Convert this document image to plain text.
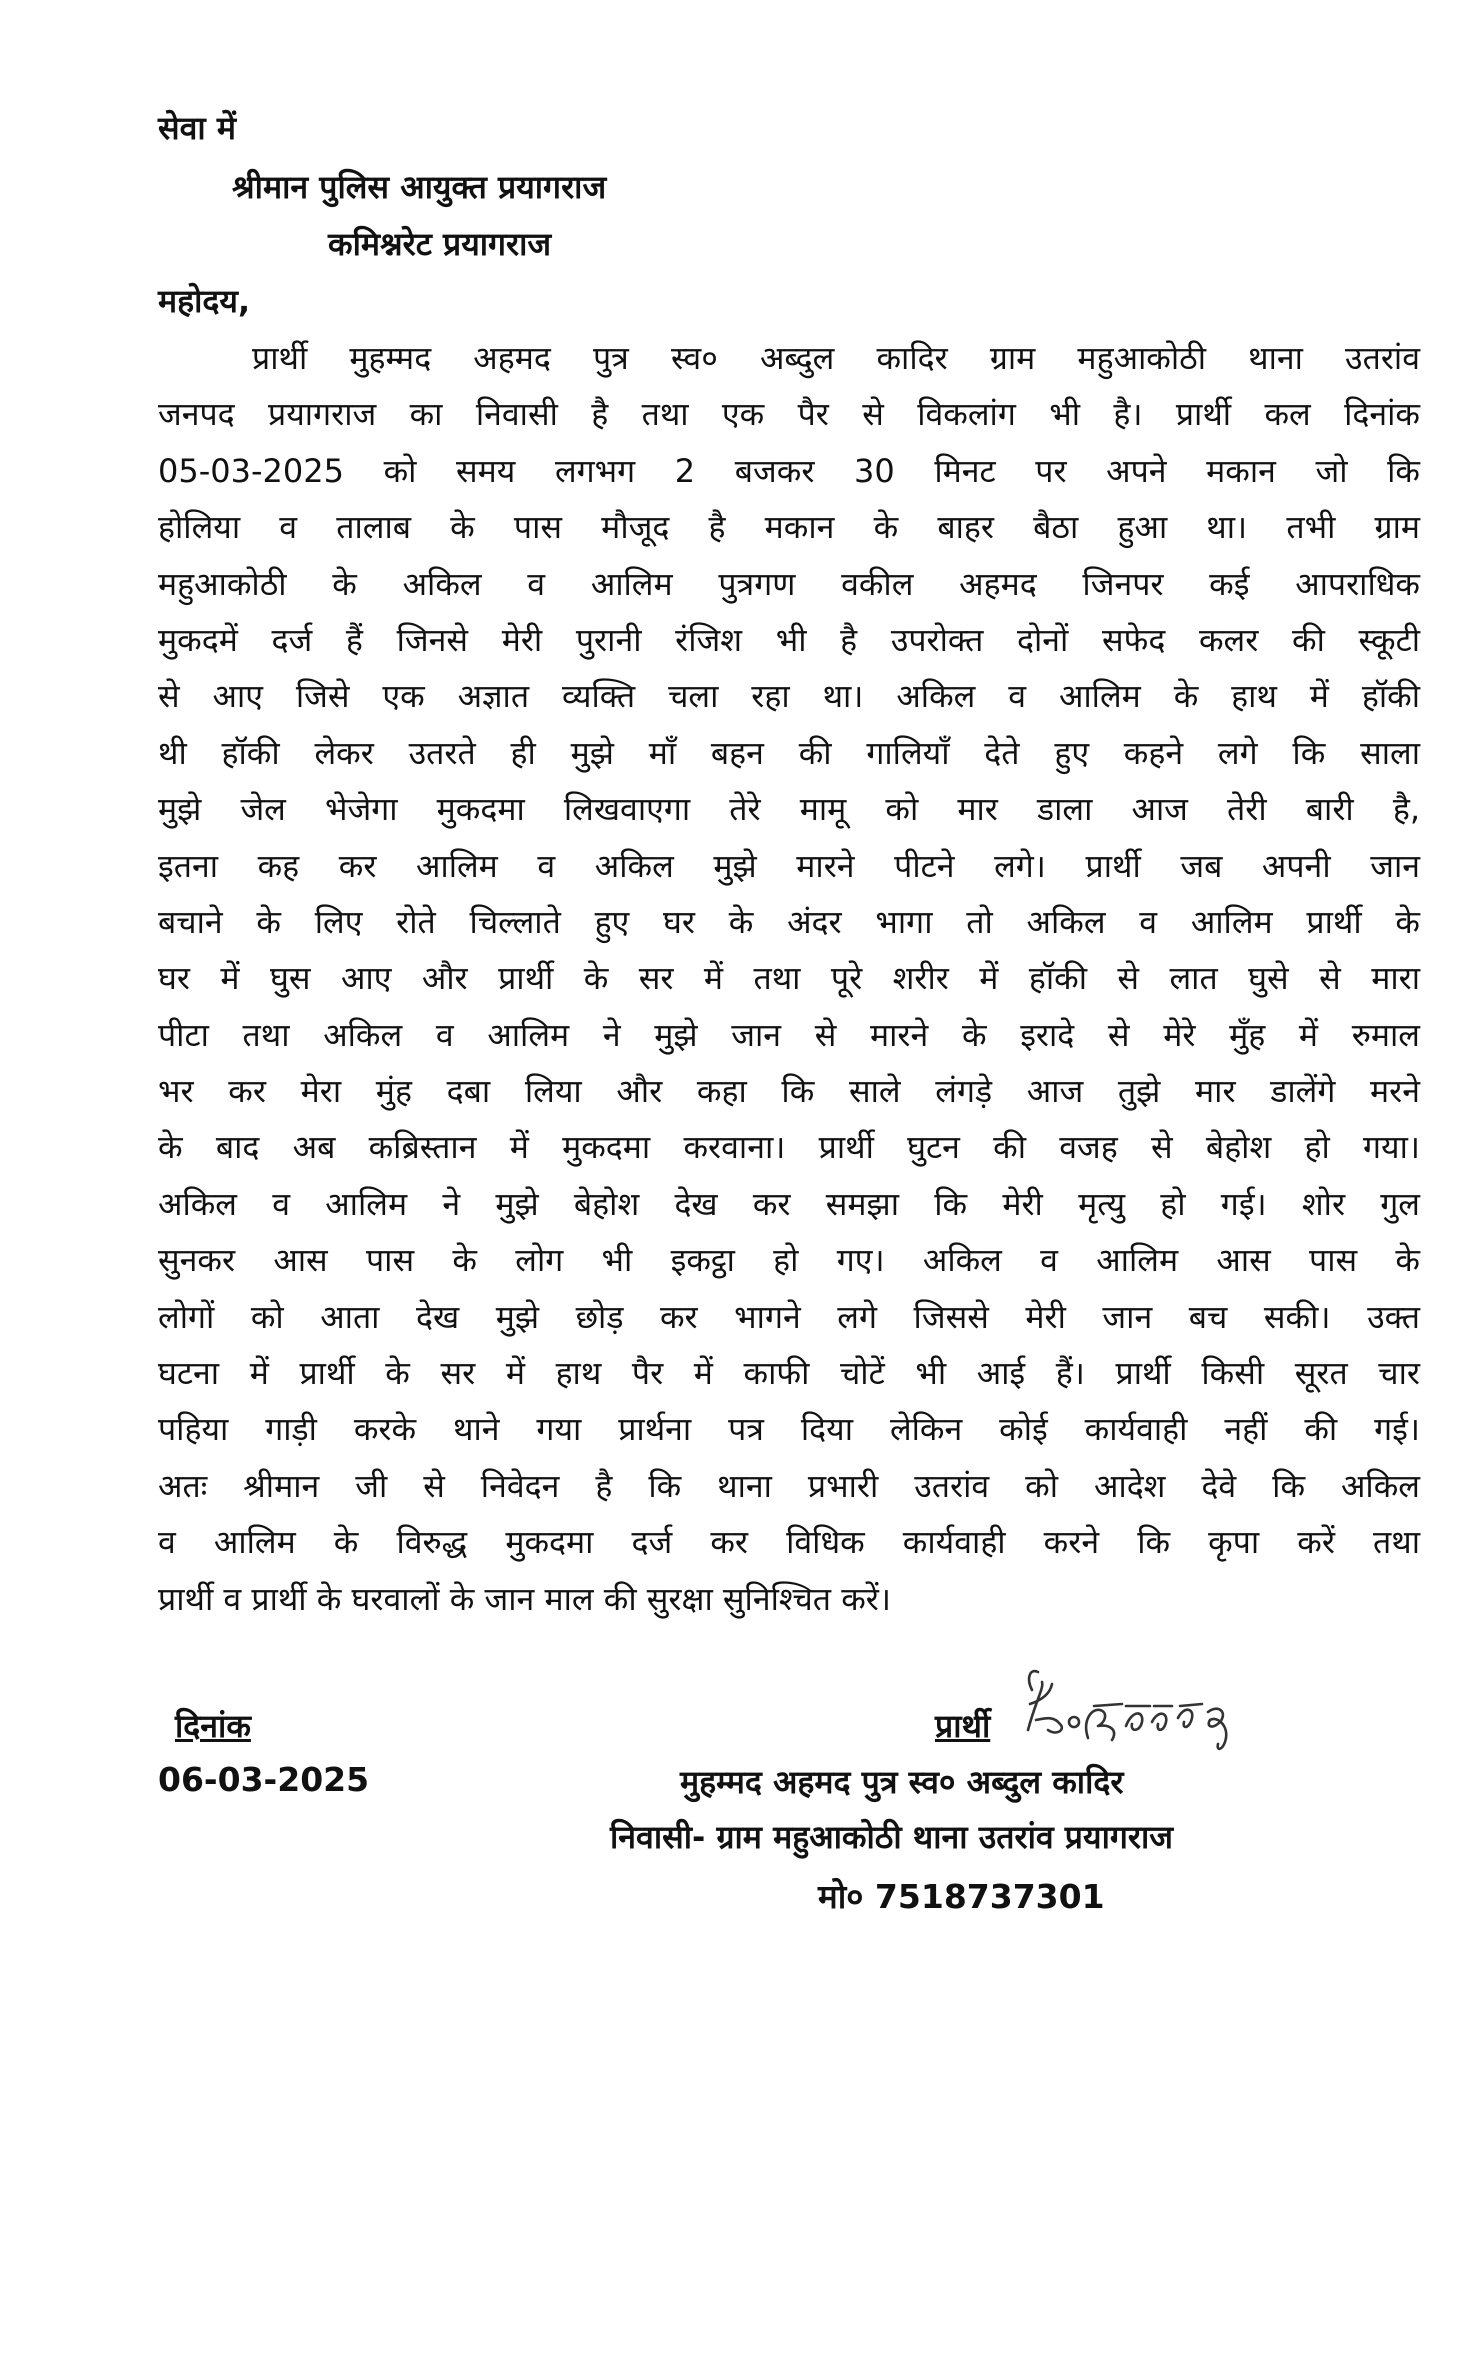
सेवा में
श्रीमान पुलिस आयुक्त प्रयागराज
कमिश्नरेट प्रयागराज
महोदय,
प्रार्थी मुहम्मद अहमद पुत्र स्व० अब्दुल कादिर ग्राम महुआकोठी थाना उतरांव
जनपद प्रयागराज का निवासी है तथा एक पैर से विकलांग भी है। प्रार्थी कल दिनांक
05-03-2025 को समय लगभग 2 बजकर 30 मिनट पर अपने मकान जो कि
होलिया व तालाब के पास मौजूद है मकान के बाहर बैठा हुआ था। तभी ग्राम
महुआकोठी के अकिल व आलिम पुत्रगण वकील अहमद जिनपर कई आपराधिक
मुकदमें दर्ज हैं जिनसे मेरी पुरानी रंजिश भी है उपरोक्त दोनों सफेद कलर की स्कूटी
से आए जिसे एक अज्ञात व्यक्ति चला रहा था। अकिल व आलिम के हाथ में हॉकी
थी हॉकी लेकर उतरते ही मुझे माँ बहन की गालियाँ देते हुए कहने लगे कि साला
मुझे जेल भेजेगा मुकदमा लिखवाएगा तेरे मामू को मार डाला आज तेरी बारी है,
इतना कह कर आलिम व अकिल मुझे मारने पीटने लगे। प्रार्थी जब अपनी जान
बचाने के लिए रोते चिल्लाते हुए घर के अंदर भागा तो अकिल व आलिम प्रार्थी के
घर में घुस आए और प्रार्थी के सर में तथा पूरे शरीर में हॉकी से लात घुसे से मारा
पीटा तथा अकिल व आलिम ने मुझे जान से मारने के इरादे से मेरे मुँह में रुमाल
भर कर मेरा मुंह दबा लिया और कहा कि साले लंगड़े आज तुझे मार डालेंगे मरने
के बाद अब कब्रिस्तान में मुकदमा करवाना। प्रार्थी घुटन की वजह से बेहोश हो गया।
अकिल व आलिम ने मुझे बेहोश देख कर समझा कि मेरी मृत्यु हो गई। शोर गुल
सुनकर आस पास के लोग भी इकट्ठा हो गए। अकिल व आलिम आस पास के
लोगों को आता देख मुझे छोड़ कर भागने लगे जिससे मेरी जान बच सकी। उक्त
घटना में प्रार्थी के सर में हाथ पैर में काफी चोटें भी आई हैं। प्रार्थी किसी सूरत चार
पहिया गाड़ी करके थाने गया प्रार्थना पत्र दिया लेकिन कोई कार्यवाही नहीं की गई।
अतः श्रीमान जी से निवेदन है कि थाना प्रभारी उतरांव को आदेश देवे कि अकिल
व आलिम के विरुद्ध मुकदमा दर्ज कर विधिक कार्यवाही करने कि कृपा करें तथा
प्रार्थी व प्रार्थी के घरवालों के जान माल की सुरक्षा सुनिश्चित करें।
दिनांक
06-03-2025
प्रार्थी
मुहम्मद अहमद पुत्र स्व० अब्दुल कादिर
निवासी- ग्राम महुआकोठी थाना उतरांव प्रयागराज
मो० 7518737301
